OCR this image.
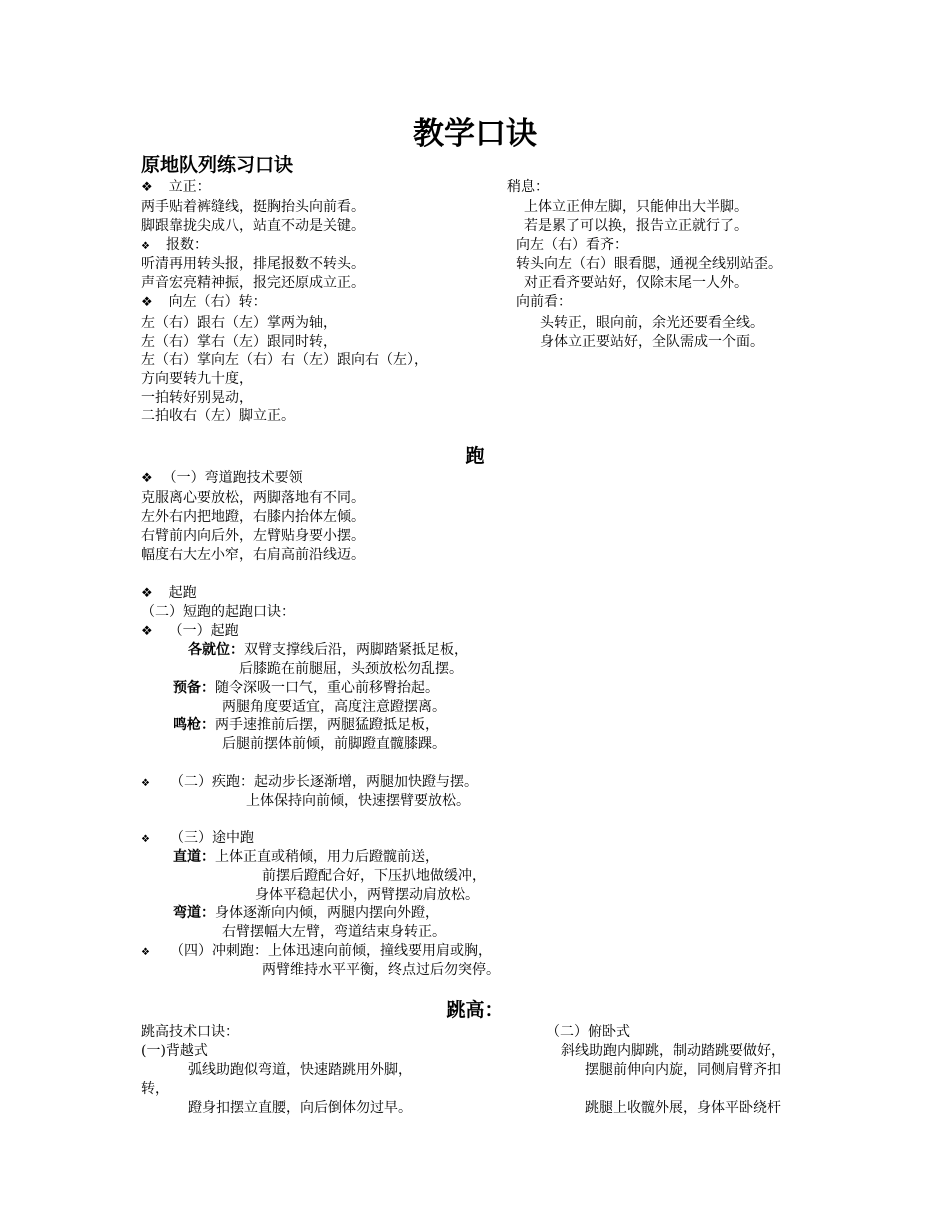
教学口诀
原地队列练习口诀
❖ 立正：
两手贴着裤缝线，挺胸抬头向前看。
脚跟靠拢尖成八，站直不动是关键。
❖ 报数：
听清再用转头报，排尾报数不转头。
声音宏亮精神振，报完还原成立正。
❖ 向左（右）转：
左（右）跟右（左）掌两为轴，
左（右）掌右（左）跟同时转，
左（右）掌向左（右）右（左）跟向右（左），
方向要转九十度，
一拍转好别晃动，
二拍收右（左）脚立正。
稍息：
上体立正伸左脚，只能伸出大半脚。
若是累了可以换，报告立正就行了。
向左（右）看齐：
转头向左（右）眼看腮，通视全线别站歪。
对正看齐要站好，仅除末尾一人外。
向前看：
头转正，眼向前，余光还要看全线。
身体立正要站好，全队需成一个面。
跑
❖ （一）弯道跑技术要领
克服离心要放松，两脚落地有不同。
左外右内把地蹬，右膝内抬体左倾。
右臂前内向后外，左臂贴身要小摆。
幅度右大左小窄，右肩高前沿线迈。
❖ 起跑
（二）短跑的起跑口诀：
❖ （一）起跑
各就位：双臂支撑线后沿，两脚踏紧抵足板，
后膝跪在前腿屈，头颈放松勿乱摆。
预备：随令深吸一口气，重心前移臀抬起。
两腿角度要适宜，高度注意蹬摆离。
鸣枪：两手速推前后摆，两腿猛蹬抵足板，
后腿前摆体前倾，前脚蹬直髋膝踝。
❖ （二）疾跑：起动步长逐渐增，两腿加快蹬与摆。
上体保持向前倾，快速摆臂要放松。
❖ （三）途中跑
直道：上体正直或稍倾，用力后蹬髋前送，
前摆后蹬配合好，下压扒地做缓冲，
身体平稳起伏小，两臂摆动肩放松。
弯道：身体逐渐向内倾，两腿内摆向外蹬，
右臂摆幅大左臂，弯道结束身转正。
❖ （四）冲刺跑：上体迅速向前倾，撞线要用肩或胸，
两臂维持水平平衡，终点过后勿突停。
跳高：
跳高技术口诀：
(一)背越式
弧线助跑似弯道，快速踏跳用外脚，
转，
蹬身扣摆立直腰，向后倒体勿过早。
（二）俯卧式
斜线助跑内脚跳，制动踏跳要做好，
摆腿前伸向内旋，同侧肩臂齐扣
跳腿上收髋外展，身体平卧绕杆
